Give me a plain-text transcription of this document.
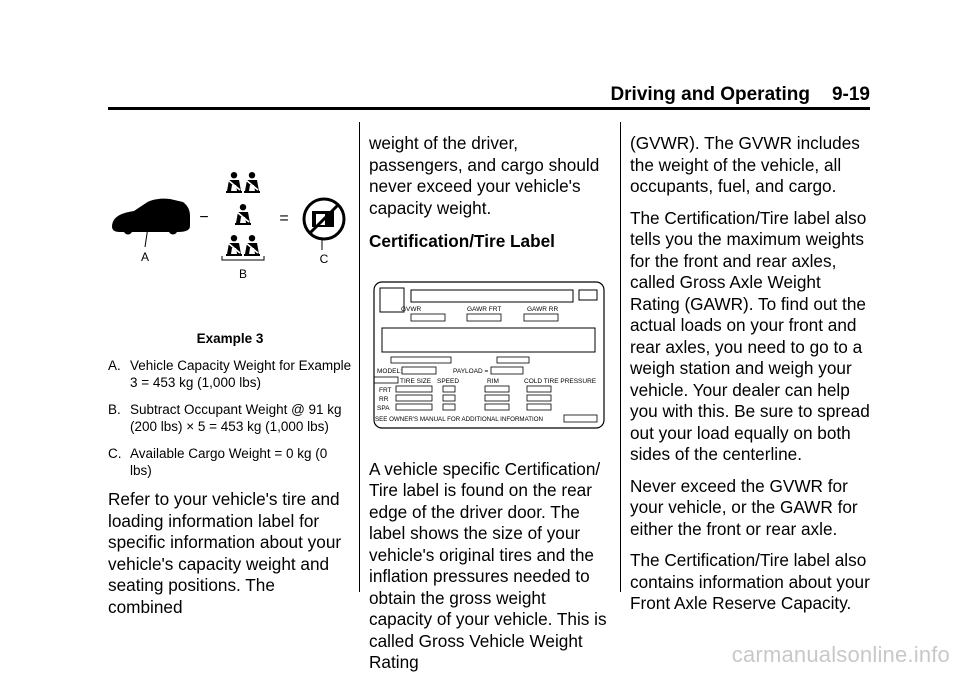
Driving and Operating 9-19
A
−
B
=
C

Example 3

A. Vehicle Capacity Weight for Example 3 = 453 kg (1,000 lbs)
B. Subtract Occupant Weight @ 91 kg (200 lbs) × 5 = 453 kg (1,000 lbs)
C. Available Cargo Weight = 0 kg (0 lbs)

Refer to your vehicle's tire and loading information label for specific information about your vehicle's capacity weight and seating positions. The combined

weight of the driver, passengers, and cargo should never exceed your vehicle's capacity weight.

Certification/Tire Label

GVWR	GAWR FRT	GAWR RR
MODEL:	PAYLOAD =
TIRE SIZE SPEED	RIM	COLD TIRE PRESSURE
FRT
RR
SPA
SEE OWNER'S MANUAL FOR ADDITIONAL INFORMATION

A vehicle specific Certification/ Tire label is found on the rear edge of the driver door. The label shows the size of your vehicle's original tires and the inflation pressures needed to obtain the gross weight capacity of your vehicle. This is called Gross Vehicle Weight Rating

(GVWR). The GVWR includes the weight of the vehicle, all occupants, fuel, and cargo.

The Certification/Tire label also tells you the maximum weights for the front and rear axles, called Gross Axle Weight Rating (GAWR). To find out the actual loads on your front and rear axles, you need to go to a weigh station and weigh your vehicle. Your dealer can help you with this. Be sure to spread out your load equally on both sides of the centerline.

Never exceed the GVWR for your vehicle, or the GAWR for either the front or rear axle.

The Certification/Tire label also contains information about your Front Axle Reserve Capacity.

carmanualsonline.info
